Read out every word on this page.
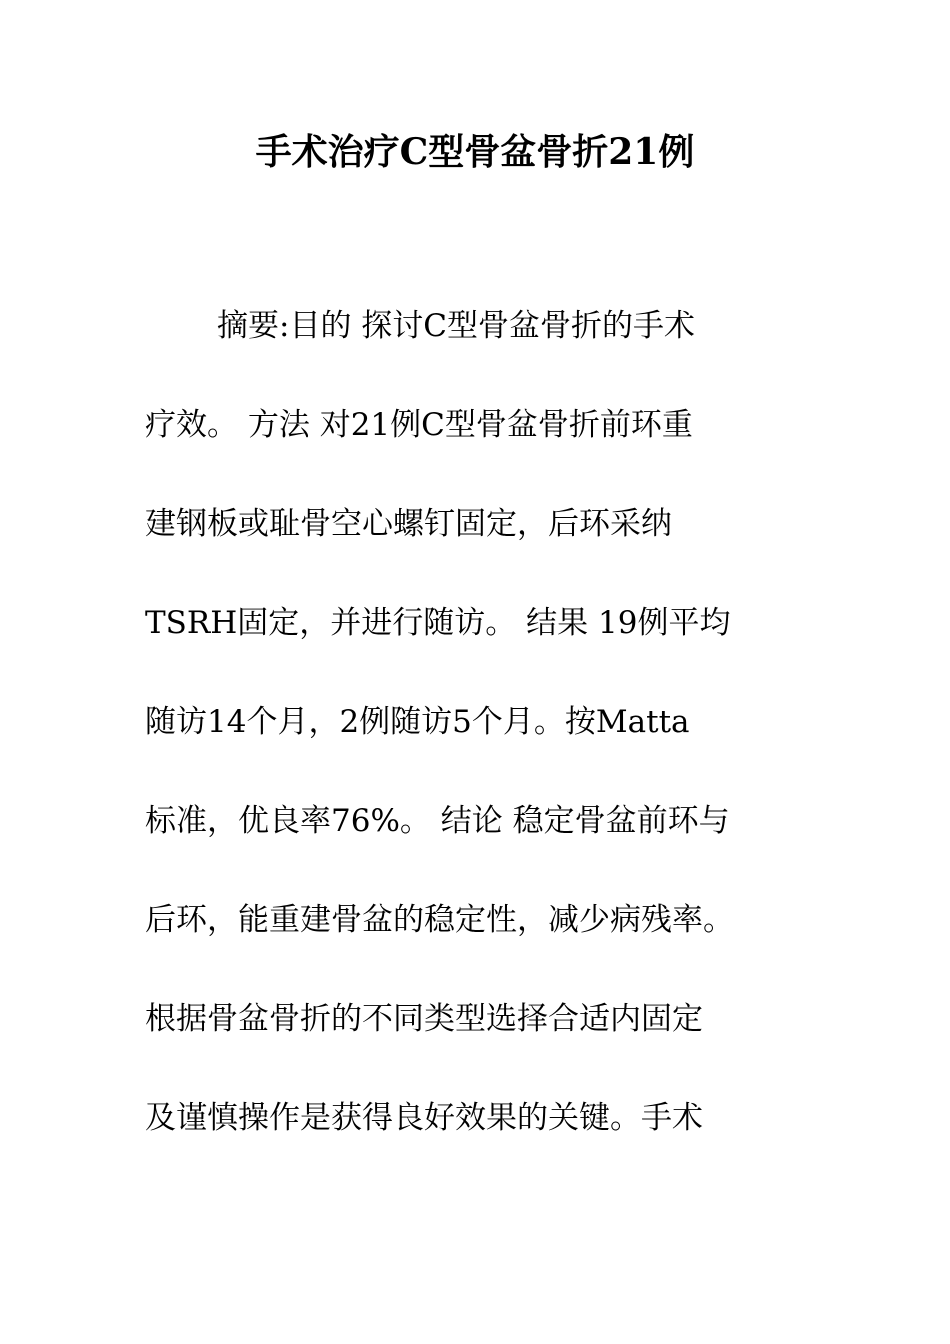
手术治疗C型骨盆骨折21例
摘要:目的 探讨C型骨盆骨折的手术
疗效。 方法 对21例C型骨盆骨折前环重
建钢板或耻骨空心螺钉固定，后环采纳
TSRH固定，并进行随访。 结果 19例平均
随访14个月，2例随访5个月。按Matta
标准，优良率76%。 结论 稳定骨盆前环与
后环，能重建骨盆的稳定性，减少病残率。
根据骨盆骨折的不同类型选择合适内固定
及谨慎操作是获得良好效果的关键。手术
